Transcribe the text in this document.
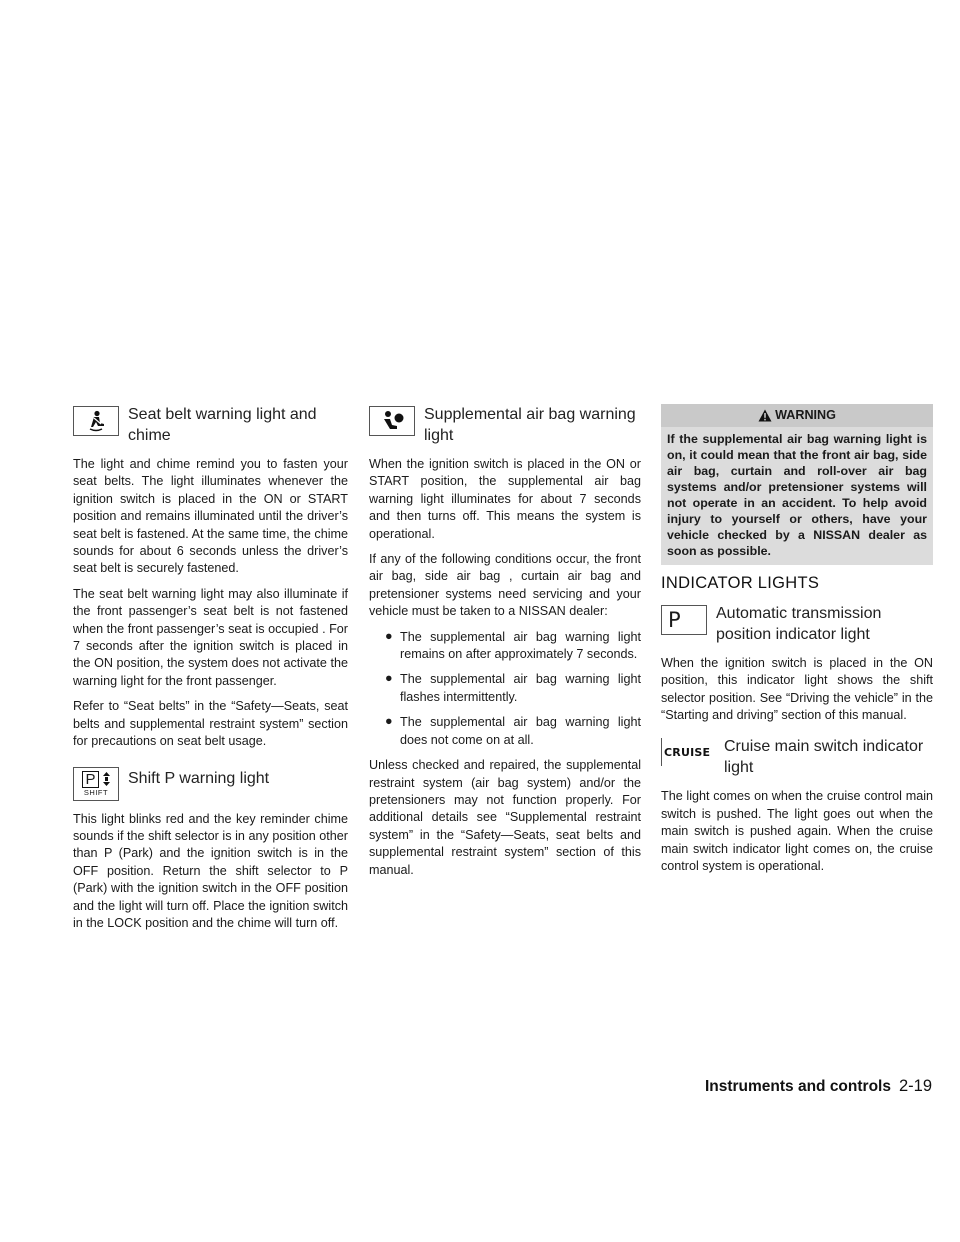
Seat belt warning light and
chime

The light and chime remind you to fasten your seat belts. The light illuminates whenever the ignition switch is placed in the ON or START position and remains illuminated until the driver’s seat belt is fastened. At the same time, the chime sounds for about 6 seconds unless the driver’s seat belt is securely fastened.

The seat belt warning light may also illuminate if the front passenger’s seat belt is not fastened when the front passenger’s seat is occupied . For 7 seconds after the ignition switch is placed in the ON position, the system does not activate the warning light for the front passenger.

Refer to “Seat belts” in the “Safety—Seats, seat belts and supplemental restraint system” section for precautions on seat belt usage.

P
SHIFT
Shift P warning light

This light blinks red and the key reminder chime sounds if the shift selector is in any position other than P (Park) and the ignition switch is in the OFF position. Return the shift selector to P (Park) with the ignition switch in the OFF position and the light will turn off. Place the ignition switch in the LOCK position and the chime will turn off.

Supplemental air bag warning
light

When the ignition switch is placed in the ON or START position, the supplemental air bag warning light illuminates for about 7 seconds and then turns off. This means the system is operational.

If any of the following conditions occur, the front air bag, side air bag , curtain air bag and pretensioner systems need servicing and your vehicle must be taken to a NISSAN dealer:

● The supplemental air bag warning light remains on after approximately 7 seconds.
● The supplemental air bag warning light flashes intermittently.
● The supplemental air bag warning light does not come on at all.

Unless checked and repaired, the supplemental restraint system (air bag system) and/or the pretensioners may not function properly. For additional details see “Supplemental restraint system” in the “Safety—Seats, seat belts and supplemental restraint system” section of this manual.

WARNING
If the supplemental air bag warning light is on, it could mean that the front air bag, side air bag, curtain and roll-over air bag systems and/or pretensioner systems will not operate in an accident. To help avoid injury to yourself or others, have your vehicle checked by a NISSAN dealer as soon as possible.
INDICATOR LIGHTS
P Automatic transmission
position indicator light

When the ignition switch is placed in the ON position, this indicator light shows the shift selector position. See “Driving the vehicle” in the “Starting and driving” section of this manual.

CRUISE Cruise main switch indicator
light

The light comes on when the cruise control main switch is pushed. The light goes out when the main switch is pushed again. When the cruise main switch indicator light comes on, the cruise control system is operational.

Instruments and controls 2-19
